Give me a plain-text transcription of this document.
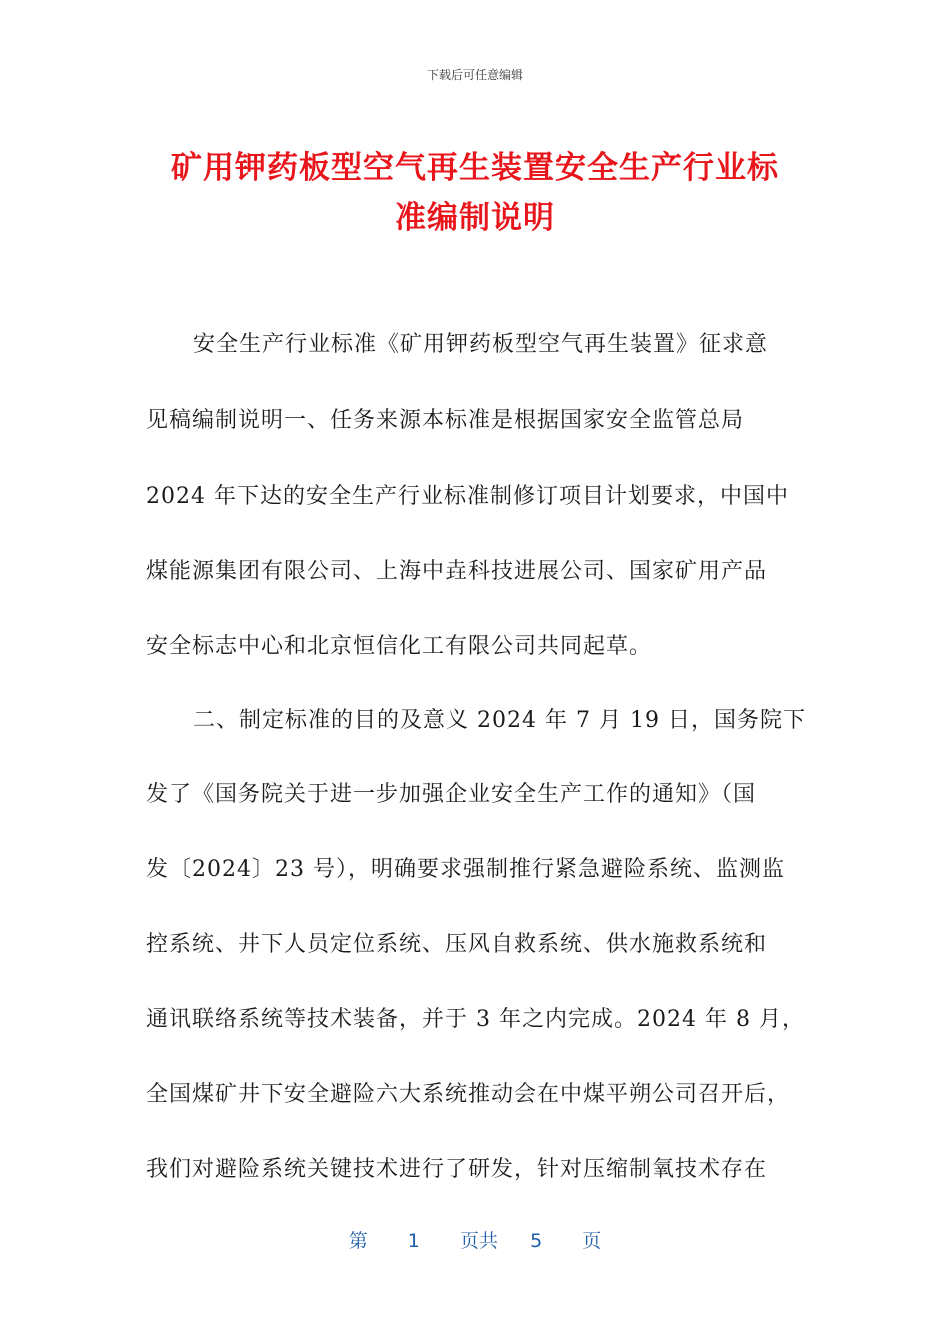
下载后可任意编辑
矿用钾药板型空气再生装置安全生产行业标
准编制说明
安全生产行业标准《矿用钾药板型空气再生装置》征求意
见稿编制说明一、任务来源本标准是根据国家安全监管总局
2024 年下达的安全生产行业标准制修订项目计划要求，中国中
煤能源集团有限公司、上海中垚科技进展公司、国家矿用产品
安全标志中心和北京恒信化工有限公司共同起草。
二、制定标准的目的及意义 2024 年 7 月 19 日，国务院下
发了《国务院关于进一步加强企业安全生产工作的通知》（国
发〔2024〕23 号），明确要求强制推行紧急避险系统、监测监
控系统、井下人员定位系统、压风自救系统、供水施救系统和
通讯联络系统等技术装备，并于 3 年之内完成。2024 年 8 月，
全国煤矿井下安全避险六大系统推动会在中煤平朔公司召开后，
我们对避险系统关键技术进行了研发，针对压缩制氧技术存在
第 1 页共 5 页
